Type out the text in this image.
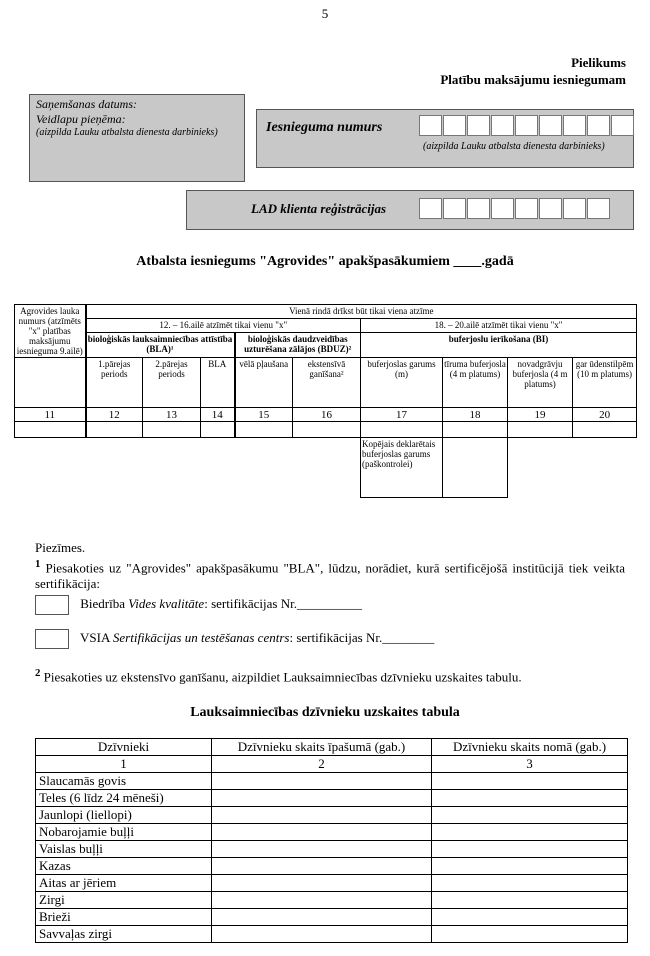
5
Pielikums
Platību maksājumu iesniegumam
Saņemšanas datums:
Veidlapu pieņēma:
(aizpilda Lauku atbalsta dienesta darbinieks)	Iesnieguma numurs
(aizpilda Lauku atbalsta dienesta darbinieks)
LAD klienta reģistrācijas
Atbalsta iesniegums "Agrovides" apakšpasākumiem ____.gadā
Agrovides lauka numurs (atzīmēts "x" platības maksājumu iesnieguma 9.ailē)	Vienā rindā drīkst būt tikai viena atzīme								
	12. – 16.ailē atzīmēt tikai vienu "x"					18. – 20.ailē atzīmēt tikai vienu "x"			
	bioloģiskās lauksaimniecības attīstība (BLA)¹			bioloģiskās daudzveidības uzturēšana zālājos (BDUZ)²		buferjoslu ierīkošana (BI)			
	1.pārejas periods	2.pārejas periods	BLA	vēlā pļaušana	ekstensīvā ganīšana²	buferjoslas garums (m)	tīruma buferjosla (4 m platums)	novadgrāvju buferjosla (4 m platums)	gar ūdenstilpēm (10 m platums)
11	12	13	14	15	16	17	18	19	20

						Kopējais deklarētais buferjoslas garums (paškontrolei)			
Piezīmes.
$^1$ Piesakoties uz "Agrovides" apakšpasākumu "BLA", lūdzu, norādiet, kurā sertificējošā institūcijā tiek veikta sertifikācija:
Biedrība Vides kvalitāte: sertifikācijas Nr.__________
VSIA Sertifikācijas un testēšanas centrs: sertifikācijas Nr.________
$^2$ Piesakoties uz ekstensīvo ganīšanu, aizpildiet Lauksaimniecības dzīvnieku uzskaites tabulu.
Lauksaimniecības dzīvnieku uzskaites tabula
Dzīvnieki	Dzīvnieku skaits īpašumā (gab.)	Dzīvnieku skaits nomā (gab.)
1	2	3
Slaucamās govis		
Teles (6 līdz 24 mēneši)		
Jaunlopi (liellopi)		
Nobarojamie buļļi		
Vaislas buļļi		
Kazas		
Aitas ar jēriem		
Zirgi		
Brieži		
Savvaļas zirgi		
